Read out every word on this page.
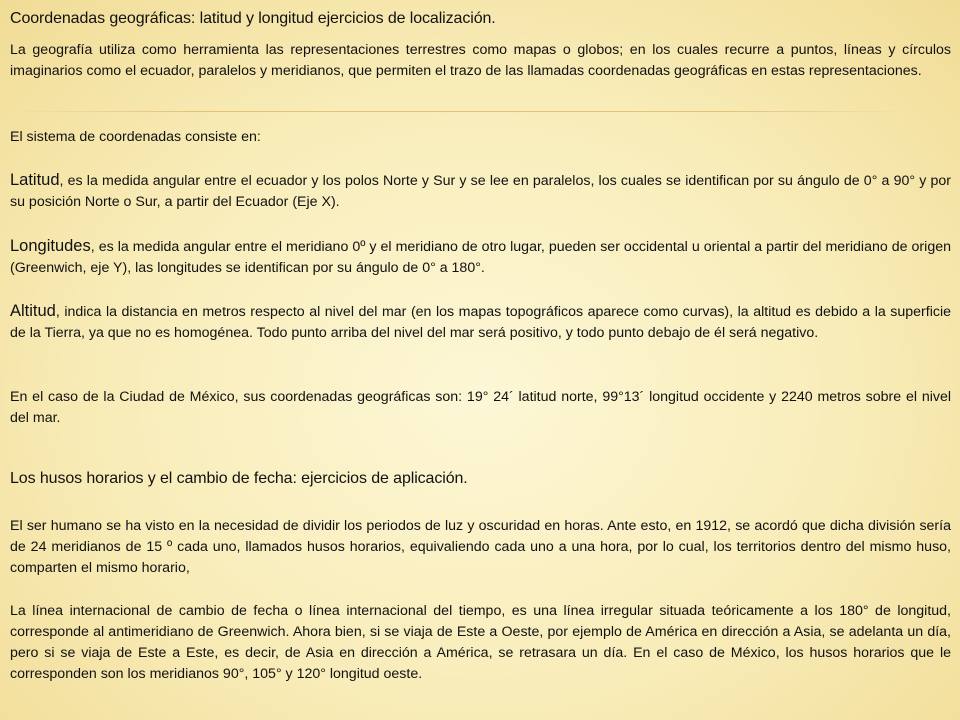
Coordenadas geográficas: latitud y longitud ejercicios de localización.

La geografía utiliza como herramienta las representaciones terrestres como mapas o globos; en los cuales recurre a puntos, líneas y círculos imaginarios como el ecuador, paralelos y meridianos, que permiten el trazo de las llamadas coordenadas geográficas en estas representaciones.

El sistema de coordenadas consiste en:

Latitud, es la medida angular entre el ecuador y los polos Norte y Sur y se lee en paralelos, los cuales se identifican por su ángulo de 0° a 90° y por su posición Norte o Sur, a partir del Ecuador (Eje X).

Longitudes, es la medida angular entre el meridiano 0º y el meridiano de otro lugar, pueden ser occidental u oriental a partir del meridiano de origen (Greenwich, eje Y), las longitudes se identifican por su ángulo de 0° a 180°.

Altitud, indica la distancia en metros respecto al nivel del mar (en los mapas topográficos aparece como curvas), la altitud es debido a la superficie de la Tierra, ya que no es homogénea. Todo punto arriba del nivel del mar será positivo, y todo punto debajo de él será negativo.

En el caso de la Ciudad de México, sus coordenadas geográficas son: 19° 24´ latitud norte, 99°13´ longitud occidente y 2240 metros sobre el nivel del mar.

Los husos horarios y el cambio de fecha: ejercicios de aplicación.

El ser humano se ha visto en la necesidad de dividir los periodos de luz y oscuridad en horas. Ante esto, en 1912, se acordó que dicha división sería de 24 meridianos de 15 º cada uno, llamados husos horarios, equivaliendo cada uno a una hora, por lo cual, los territorios dentro del mismo huso, comparten el mismo horario,

La línea internacional de cambio de fecha o línea internacional del tiempo, es una línea irregular situada teóricamente a los 180° de longitud, corresponde al antimeridiano de Greenwich. Ahora bien, si se viaja de Este a Oeste, por ejemplo de América en dirección a Asia, se adelanta un día, pero si se viaja de Este a Este, es decir, de Asia en dirección a América, se retrasara un día. En el caso de México, los husos horarios que le corresponden son los meridianos 90°, 105° y 120° longitud oeste.
